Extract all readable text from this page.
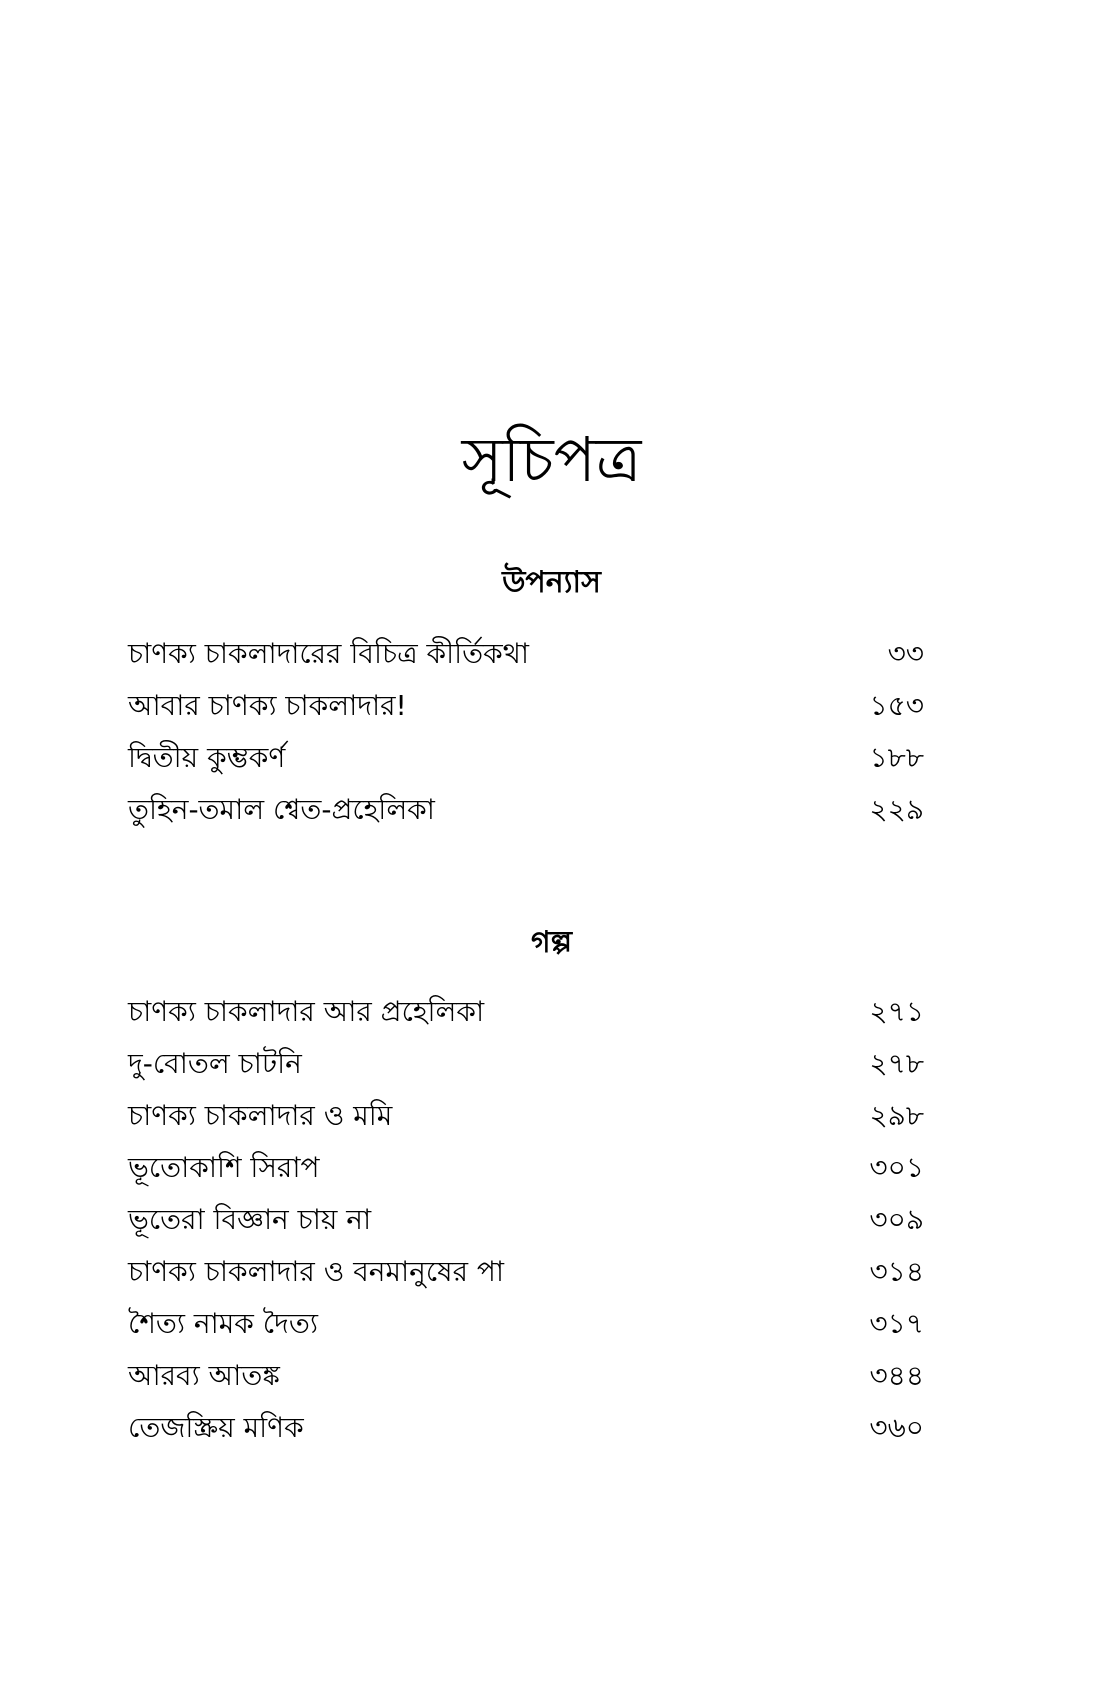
সূচিপত্র
উপন্যাস
চাণক্য চাকলাদারের বিচিত্র কীর্তিকথা	৩৩
আবার চাণক্য চাকলাদার!	১৫৩
দ্বিতীয় কুম্ভকর্ণ	১৮৮
তুহিন-তমাল শ্বেত-প্রহেলিকা	২২৯
গল্প
চাণক্য চাকলাদার আর প্রহেলিকা	২৭১
দু-বোতল চাটনি	২৭৮
চাণক্য চাকলাদার ও মমি	২৯৮
ভূতোকাশি সিরাপ	৩০১
ভূতেরা বিজ্ঞান চায় না	৩০৯
চাণক্য চাকলাদার ও বনমানুষের পা	৩১৪
শৈত্য নামক দৈত্য	৩১৭
আরব্য আতঙ্ক	৩৪৪
তেজস্ক্রিয় মণিক	৩৬০
